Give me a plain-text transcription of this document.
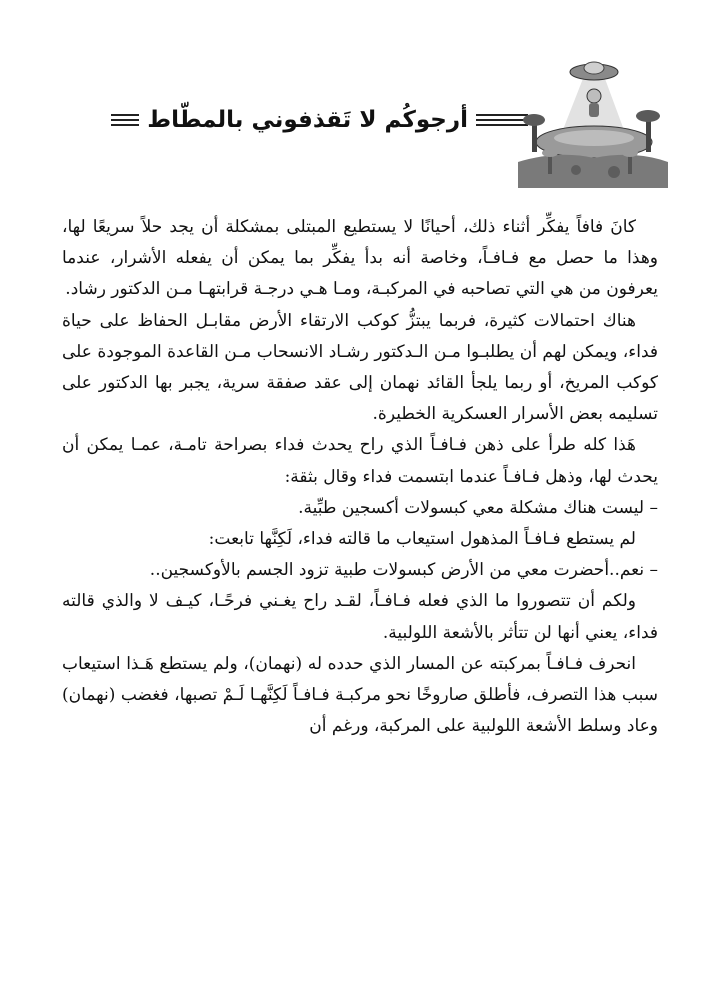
أرجوكُم لا تَقذفوني بالمطّاط

كانَ فافاً يفكِّر أثناء ذلك، أحيانًا لا يستطيع المبتلى بمشكلة أن يجد حلاً سريعًا لها، وهذا ما حصل مع فـافـاً، وخاصة أنه بدأ يفكِّر بما يمكن أن يفعله الأشرار، عندما يعرفون من هي التي تصاحبه في المركبـة، ومـا هـي درجـة قرابتهـا مـن الدكتور رشاد.

هناك احتمالات كثيرة، فربما يبتزُّ كوكب الارتقاء الأرض مقابـل الحفاظ على حياة فداء، ويمكن لهم أن يطلبـوا مـن الـدكتور رشـاد الانسحاب مـن القاعدة الموجودة على كوكب المريخ، أو ربما يلجأ القائد نهمان إلى عقد صفقة سرية، يجبر بها الدكتور على تسليمه بعض الأسرار العسكرية الخطيرة.

هَذا كله طرأ على ذهن فـافـاً الذي راح يحدث فداء بصراحة تامـة، عمـا يمكن أن يحدث لها، وذهل فـافـاً عندما ابتسمت فداء وقال بثقة:

– ليست هناك مشكلة معي كبسولات أكسجين طبِّية.

لم يستطع فـافـاً المذهول استيعاب ما قالته فداء، لَكِنَّها تابعت:

– نعم..أحضرت معي من الأرض كبسولات طبية تزود الجسم بالأوكسجين..

ولكم أن تتصوروا ما الذي فعله فـافـاً، لقـد راح يغـني فرحًـا، كيـف لا والذي قالته فداء، يعني أنها لن تتأثر بالأشعة اللولبية.

انحرف فـافـاً بمركبته عن المسار الذي حدده له (نهمان)، ولم يستطع هَـذا استيعاب سبب هذا التصرف، فأطلق صاروخًا نحو مركبـة فـافـاً لَكِنَّهـا لَـمْ تصبها، فغضب (نهمان) وعاد وسلط الأشعة اللولبية على المركبة، ورغم أن
